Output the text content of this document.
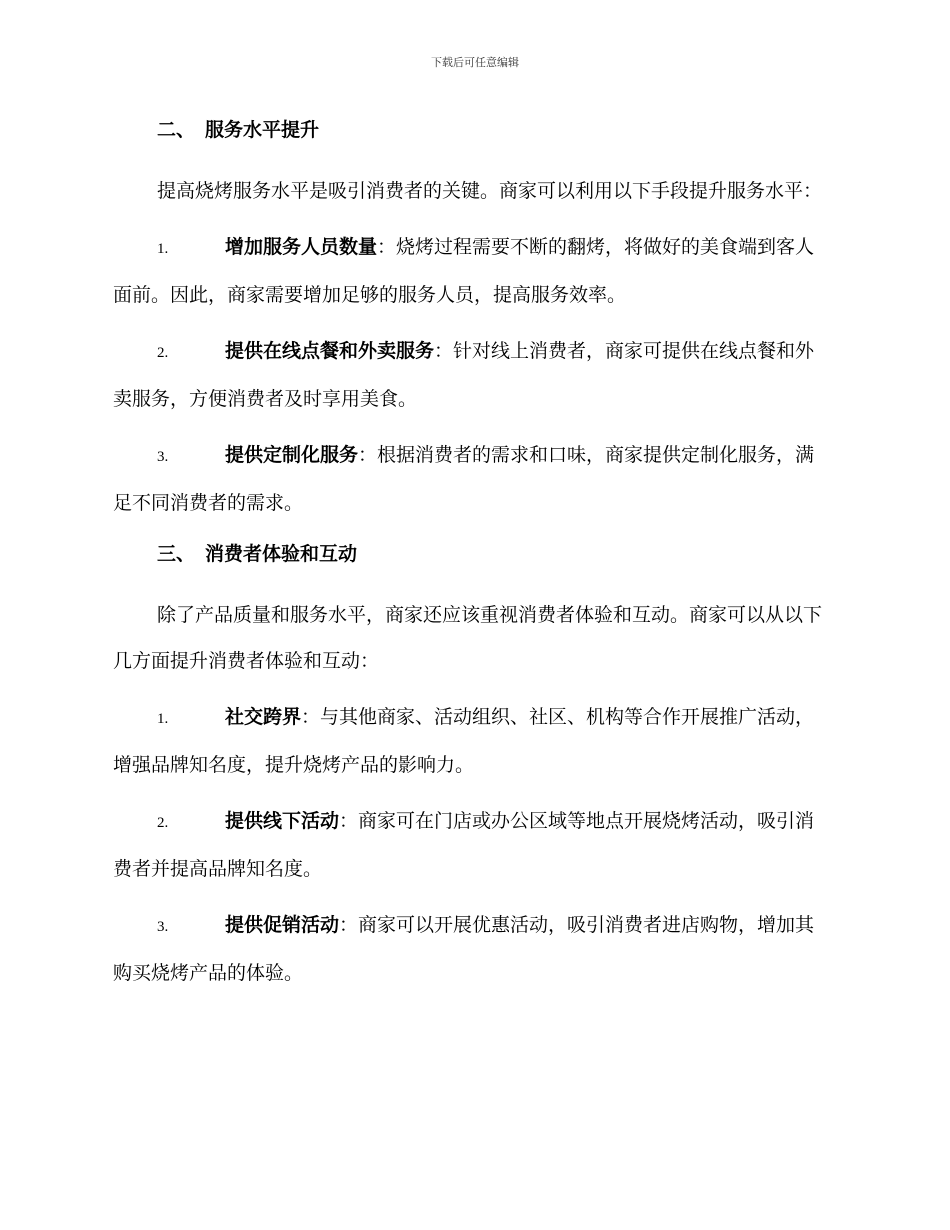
下载后可任意编辑
二、 服务水平提升

提高烧烤服务水平是吸引消费者的关键。商家可以利用以下手段提升服务水平：

1.	增加服务人员数量：烧烤过程需要不断的翻烤，将做好的美食端到客人面前。因此，商家需要增加足够的服务人员，提高服务效率。

2.	提供在线点餐和外卖服务：针对线上消费者，商家可提供在线点餐和外卖服务，方便消费者及时享用美食。

3.	提供定制化服务：根据消费者的需求和口味，商家提供定制化服务，满足不同消费者的需求。

三、 消费者体验和互动

除了产品质量和服务水平，商家还应该重视消费者体验和互动。商家可以从以下几方面提升消费者体验和互动：

1.	社交跨界：与其他商家、活动组织、社区、机构等合作开展推广活动，增强品牌知名度，提升烧烤产品的影响力。

2.	提供线下活动：商家可在门店或办公区域等地点开展烧烤活动，吸引消费者并提高品牌知名度。

3.	提供促销活动：商家可以开展优惠活动，吸引消费者进店购物，增加其购买烧烤产品的体验。
